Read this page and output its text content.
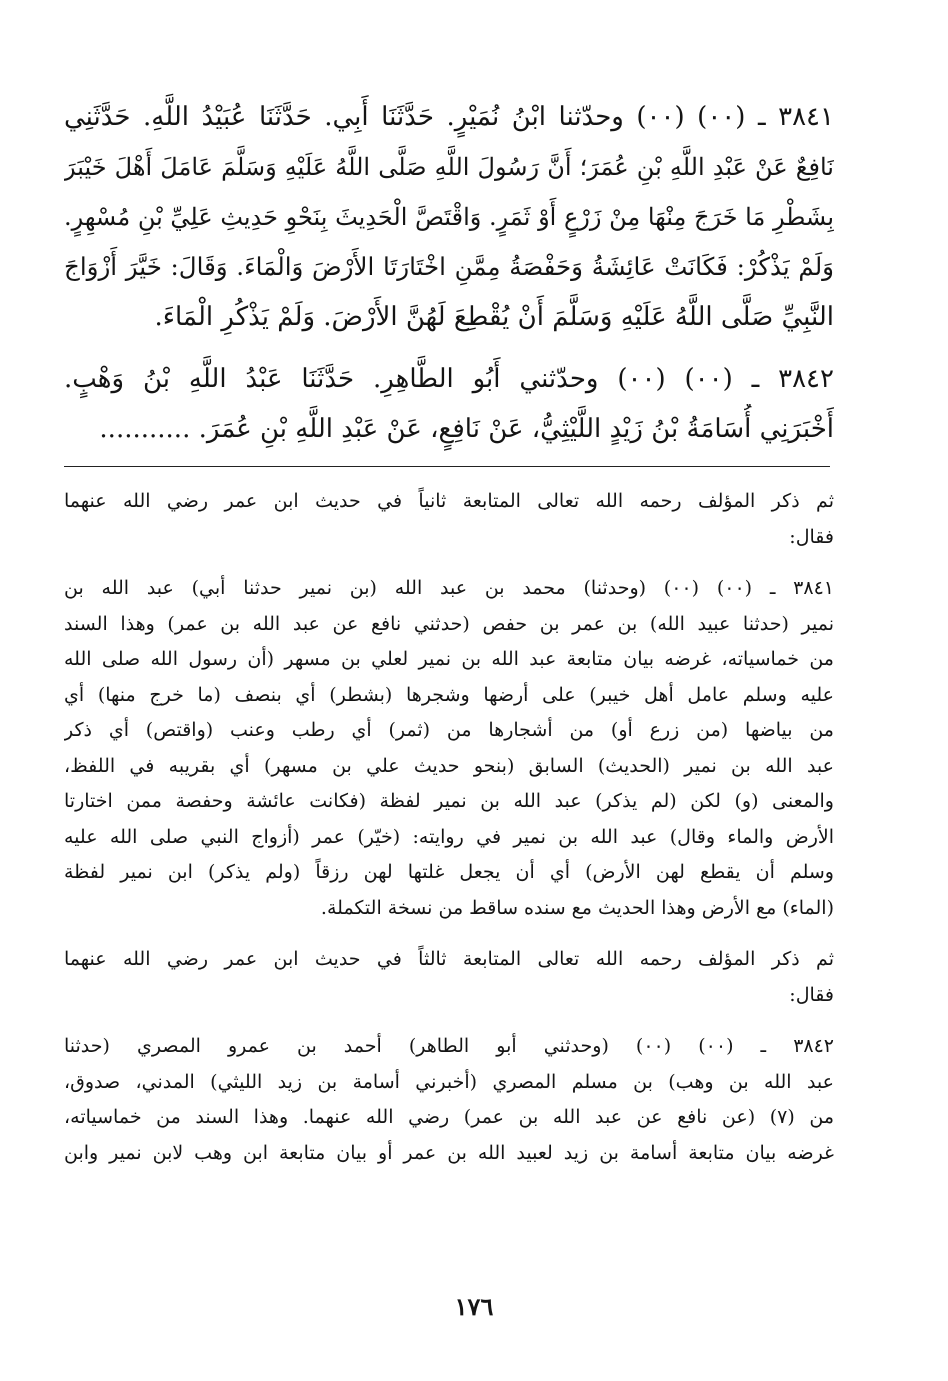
٣٨٤١ ـ (٠٠) (٠٠) وحدّثنا ابْنُ نُمَيْرٍ. حَدَّثَنَا أَبِي. حَدَّثَنَا عُبَيْدُ اللَّهِ. حَدَّثَنِي
نَافِعٌ عَنْ عَبْدِ اللَّهِ بْنِ عُمَرَ؛ أَنَّ رَسُولَ اللَّهِ صَلَّى اللَّهُ عَلَيْهِ وَسَلَّمَ عَامَلَ أَهْلَ خَيْبَرَ
بِشَطْرِ مَا خَرَجَ مِنْهَا مِنْ زَرْعٍ أَوْ ثَمَرٍ. وَاقْتَصَّ الْحَدِيثَ بِنَحْوِ حَدِيثِ عَلِيِّ بْنِ مُسْهِرٍ.
وَلَمْ يَذْكُرْ: فَكَانَتْ عَائِشَةُ وَحَفْصَةُ مِمَّنِ اخْتَارَتَا الأَرْضَ وَالْمَاءَ. وَقَالَ: خَيَّرَ أَزْوَاجَ
النَّبِيِّ صَلَّى اللَّهُ عَلَيْهِ وَسَلَّمَ أَنْ يُقْطِعَ لَهُنَّ الأَرْضَ. وَلَمْ يَذْكُرِ الْمَاءَ.
٣٨٤٢ ـ (٠٠) (٠٠) وحدّثني أَبُو الطَّاهِرِ. حَدَّثَنَا عَبْدُ اللَّهِ بْنُ وَهْبٍ.
أَخْبَرَنِي أُسَامَةُ بْنُ زَيْدٍ اللَّيْثِيُّ، عَنْ نَافِعٍ، عَنْ عَبْدِ اللَّهِ بْنِ عُمَرَ. ...........
ثم ذكر المؤلف رحمه الله تعالى المتابعة ثانياً في حديث ابن عمر رضي الله عنهما
فقال:
٣٨٤١ ـ (٠٠) (٠٠) (وحدثنا) محمد بن عبد الله (بن نمير حدثنا أبي) عبد الله بن
نمير (حدثنا عبيد الله) بن عمر بن حفص (حدثني نافع عن عبد الله بن عمر) وهذا السند
من خماسياته، غرضه بيان متابعة عبد الله بن نمير لعلي بن مسهر (أن رسول الله صلى الله
عليه وسلم عامل أهل خيبر) على أرضها وشجرها (بشطر) أي بنصف (ما خرج منها) أي
من بياضها (من زرع أو) من أشجارها من (ثمر) أي رطب وعنب (واقتص) أي ذكر
عبد الله بن نمير (الحديث) السابق (بنحو حديث علي بن مسهر) أي بقريبه في اللفظ،
والمعنى (و) لكن (لم يذكر) عبد الله بن نمير لفظة (فكانت عائشة وحفصة ممن اختارتا
الأرض والماء وقال) عبد الله بن نمير في روايته: (خيّر) عمر (أزواج النبي صلى الله عليه
وسلم أن يقطع لهن الأرض) أي أن يجعل غلتها لهن رزقاً (ولم يذكر) ابن نمير لفظة
(الماء) مع الأرض وهذا الحديث مع سنده ساقط من نسخة التكملة.
ثم ذكر المؤلف رحمه الله تعالى المتابعة ثالثاً في حديث ابن عمر رضي الله عنهما
فقال:
٣٨٤٢ ـ (٠٠) (٠٠) (وحدثني أبو الطاهر) أحمد بن عمرو المصري (حدثنا
عبد الله بن وهب) بن مسلم المصري (أخبرني أسامة بن زيد الليثي) المدني، صدوق،
من (٧) (عن نافع عن عبد الله بن عمر) رضي الله عنهما. وهذا السند من خماسياته،
غرضه بيان متابعة أسامة بن زيد لعبيد الله بن عمر أو بيان متابعة ابن وهب لابن نمير وابن
١٧٦
